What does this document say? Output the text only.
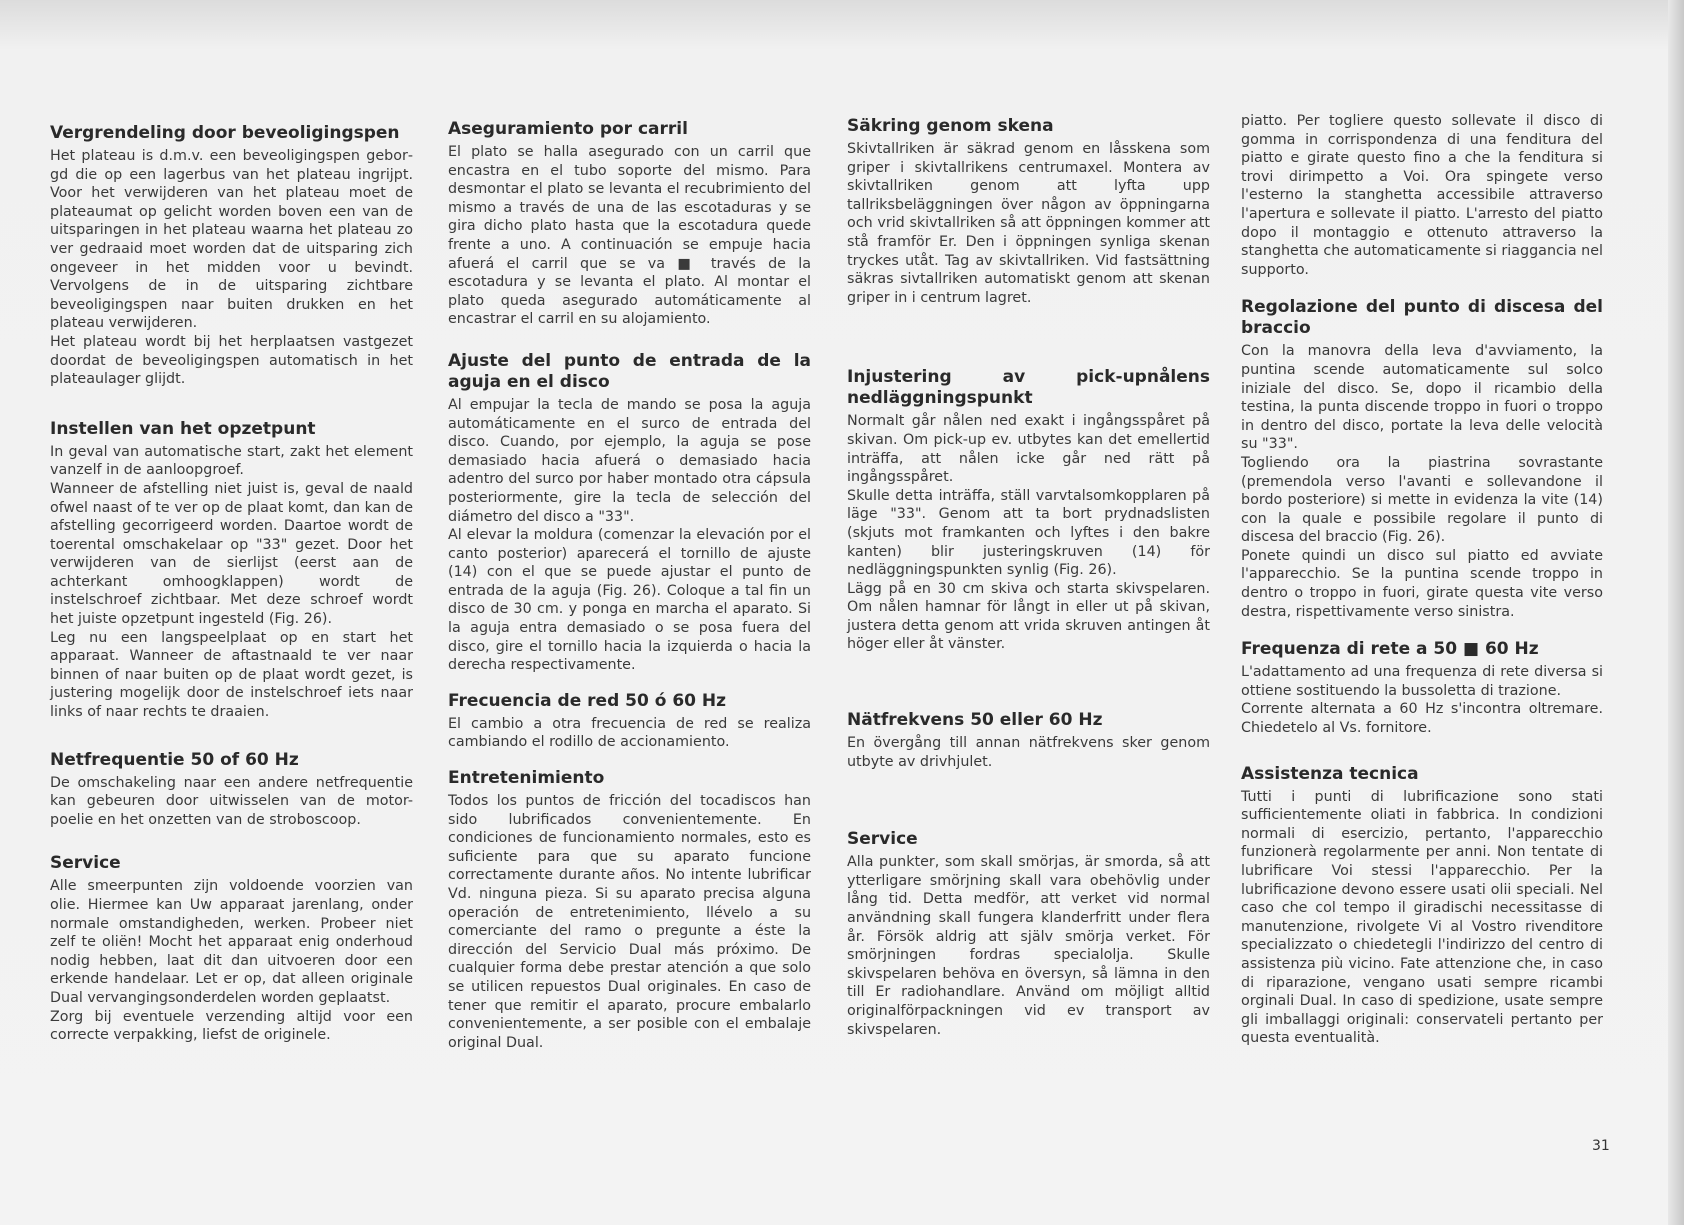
Vergrendeling door beveoligingspen

Het plateau is d.m.v. een beveoligingspen geborgd die op een lagerbus van het plateau ingrijpt. Voor het verwijderen van het plateau moet de plateaumat op gelicht worden boven een van de uitsparingen in het plateau waarna het plateau zo ver gedraaid moet worden dat de uitsparing zich ongeveer in het midden voor u bevindt. Vervolgens de in de uitsparing zichtbare beveoligingspen naar buiten drukken en het plateau verwijderen.

Het plateau wordt bij het herplaatsen vastgezet doordat de beveoligingspen automatisch in het plateaulager glijdt.

Instellen van het opzetpunt

In geval van automatische start, zakt het element vanzelf in de aanloopgroef.

Wanneer de afstelling niet juist is, geval de naald ofwel naast of te ver op de plaat komt, dan kan de afstelling gecorrigeerd worden. Daartoe wordt de toerental omschakelaar op "33" gezet. Door het verwijderen van de sierlijst (eerst aan de achterkant omhoogklappen) wordt de instelschroef zichtbaar. Met deze schroef wordt het juiste opzetpunt ingesteld (Fig. 26).

Leg nu een langspeelplaat op en start het apparaat. Wanneer de aftastnaald te ver naar binnen of naar buiten op de plaat wordt gezet, is justering mogelijk door de instelschroef iets naar links of naar rechts te draaien.

Netfrequentie 50 of 60 Hz

De omschakeling naar een andere netfrequentie kan gebeuren door uitwisselen van de motor-poelie en het onzetten van de stroboscoop.

Service

Alle smeerpunten zijn voldoende voorzien van olie. Hiermee kan Uw apparaat jarenlang, onder normale omstandigheden, werken. Probeer niet zelf te oliën! Mocht het apparaat enig onderhoud nodig hebben, laat dit dan uitvoeren door een erkende handelaar. Let er op, dat alleen originale Dual vervangingsonderdelen worden geplaatst.

Zorg bij eventuele verzending altijd voor een correcte verpakking, liefst de originele.

Aseguramiento por carril

El plato se halla asegurado con un carril que encastra en el tubo soporte del mismo. Para desmontar el plato se levanta el recubrimiento del mismo a través de una de las escotaduras y se gira dicho plato hasta que la escotadura quede frente a uno. A continuación se empuje hacia afuerá el carril que se va ■ través de la escotadura y se levanta el plato. Al montar el plato queda asegurado automáticamente al encastrar el carril en su alojamiento.

Ajuste del punto de entrada de la aguja en el disco

Al empujar la tecla de mando se posa la aguja automáticamente en el surco de entrada del disco. Cuando, por ejemplo, la aguja se pose demasiado hacia afuerá o demasiado hacia adentro del surco por haber montado otra cápsula posteriormente, gire la tecla de selección del diámetro del disco a "33".

Al elevar la moldura (comenzar la elevación por el canto posterior) aparecerá el tornillo de ajuste (14) con el que se puede ajustar el punto de entrada de la aguja (Fig. 26). Coloque a tal fin un disco de 30 cm. y ponga en marcha el aparato. Si la aguja entra demasiado o se posa fuera del disco, gire el tornillo hacia la izquierda o hacia la derecha respectivamente.

Frecuencia de red 50 ó 60 Hz

El cambio a otra frecuencia de red se realiza cambiando el rodillo de accionamiento.

Entretenimiento

Todos los puntos de fricción del tocadiscos han sido lubrificados convenientemente. En condiciones de funcionamiento normales, esto es suficiente para que su aparato funcione correctamente durante años. No intente lubrificar Vd. ninguna pieza. Si su aparato precisa alguna operación de entretenimiento, llévelo a su comerciante del ramo o pregunte a éste la dirección del Servicio Dual más próximo. De cualquier forma debe prestar atención a que solo se utilicen repuestos Dual originales. En caso de tener que remitir el aparato, procure embalarlo convenientemente, a ser posible con el embalaje original Dual.

Säkring genom skena

Skivtallriken är säkrad genom en låsskena som griper i skivtallrikens centrumaxel. Montera av skivtallriken genom att lyfta upp tallriksbeläggningen över någon av öppningarna och vrid skivtallriken så att öppningen kommer att stå framför Er. Den i öppningen synliga skenan tryckes utåt. Tag av skivtallriken. Vid fastsättning säkras sivtallriken automatiskt genom att skenan griper in i centrum lagret.

Injustering av pick-upnålens nedläggningspunkt

Normalt går nålen ned exakt i ingångsspåret på skivan. Om pick-up ev. utbytes kan det emellertid inträffa, att nålen icke går ned rätt på ingångsspåret.

Skulle detta inträffa, ställ varvtalsomkopplaren på läge "33". Genom att ta bort prydnadslisten (skjuts mot framkanten och lyftes i den bakre kanten) blir justeringskruven (14) för nedläggningspunkten synlig (Fig. 26).

Lägg på en 30 cm skiva och starta skivspelaren. Om nålen hamnar för långt in eller ut på skivan, justera detta genom att vrida skruven antingen åt höger eller åt vänster.

Nätfrekvens 50 eller 60 Hz

En övergång till annan nätfrekvens sker genom utbyte av drivhjulet.

Service

Alla punkter, som skall smörjas, är smorda, så att ytterligare smörjning skall vara obehövlig under lång tid. Detta medför, att verket vid normal användning skall fungera klanderfritt under flera år. Försök aldrig att själv smörja verket. För smörjningen fordras specialolja. Skulle skivspelaren behöva en översyn, så lämna in den till Er radiohandlare. Använd om möjligt alltid originalförpackningen vid ev transport av skivspelaren.

piatto. Per togliere questo sollevate il disco di gomma in corrispondenza di una fenditura del piatto e girate questo fino a che la fenditura si trovi dirimpetto a Voi. Ora spingete verso l'esterno la stanghetta accessibile attraverso l'apertura e sollevate il piatto. L'arresto del piatto dopo il montaggio e ottenuto attraverso la stanghetta che automaticamente si riaggancia nel supporto.

Regolazione del punto di discesa del braccio

Con la manovra della leva d'avviamento, la puntina scende automaticamente sul solco iniziale del disco. Se, dopo il ricambio della testina, la punta discende troppo in fuori o troppo in dentro del disco, portate la leva delle velocità su "33".

Togliendo ora la piastrina sovrastante (premendola verso l'avanti e sollevandone il bordo posteriore) si mette in evidenza la vite (14) con la quale e possibile regolare il punto di discesa del braccio (Fig. 26).

Ponete quindi un disco sul piatto ed avviate l'apparecchio. Se la puntina scende troppo in dentro o troppo in fuori, girate questa vite verso destra, rispettivamente verso sinistra.

Frequenza di rete a 50 ■ 60 Hz

L'adattamento ad una frequenza di rete diversa si ottiene sostituendo la bussoletta di trazione.

Corrente alternata a 60 Hz s'incontra oltremare. Chiedetelo al Vs. fornitore.

Assistenza tecnica

Tutti i punti di lubrificazione sono stati sufficientemente oliati in fabbrica. In condizioni normali di esercizio, pertanto, l'apparecchio funzionerà regolarmente per anni. Non tentate di lubrificare Voi stessi l'apparecchio. Per la lubrificazione devono essere usati olii speciali. Nel caso che col tempo il giradischi necessitasse di manutenzione, rivolgete Vi al Vostro rivenditore specializzato o chiedetegli l'indirizzo del centro di assistenza più vicino. Fate attenzione che, in caso di riparazione, vengano usati sempre ricambi orginali Dual. In caso di spedizione, usate sempre gli imballaggi originali: conservateli pertanto per questa eventualità.

31
